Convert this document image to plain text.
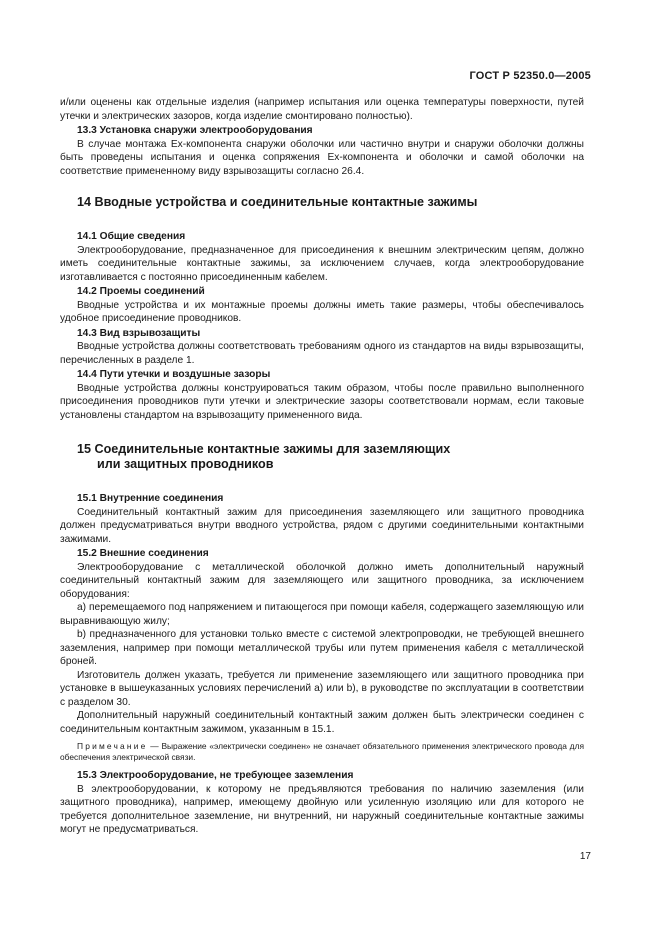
ГОСТ Р 52350.0—2005

и/или оценены как отдельные изделия (например испытания или оценка температуры поверхности, путей утечки и электрических зазоров, когда изделие смонтировано полностью).

13.3 Установка снаружи электрооборудования

В случае монтажа Ex-компонента снаружи оболочки или частично внутри и снаружи оболочки должны быть проведены испытания и оценка сопряжения Ex-компонента и оболочки и самой оболочки на соответствие примененному виду взрывозащиты согласно 26.4.

14 Вводные устройства и соединительные контактные зажимы

14.1 Общие сведения

Электрооборудование, предназначенное для присоединения к внешним электрическим цепям, должно иметь соединительные контактные зажимы, за исключением случаев, когда электрооборудование изготавливается с постоянно присоединенным кабелем.

14.2 Проемы соединений

Вводные устройства и их монтажные проемы должны иметь такие размеры, чтобы обеспечивалось удобное присоединение проводников.

14.3 Вид взрывозащиты

Вводные устройства должны соответствовать требованиям одного из стандартов на виды взрывозащиты, перечисленных в разделе 1.

14.4 Пути утечки и воздушные зазоры

Вводные устройства должны конструироваться таким образом, чтобы после правильно выполненного присоединения проводников пути утечки и электрические зазоры соответствовали нормам, если таковые установлены стандартом на взрывозащиту примененного вида.

15 Соединительные контактные зажимы для заземляющих
или защитных проводников

15.1 Внутренние соединения

Соединительный контактный зажим для присоединения заземляющего или защитного проводника должен предусматриваться внутри вводного устройства, рядом с другими соединительными контактными зажимами.

15.2 Внешние соединения

Электрооборудование с металлической оболочкой должно иметь дополнительный наружный соединительный контактный зажим для заземляющего или защитного проводника, за исключением оборудования:

a) перемещаемого под напряжением и питающегося при помощи кабеля, содержащего заземляющую или выравнивающую жилу;

b) предназначенного для установки только вместе с системой электропроводки, не требующей внешнего заземления, например при помощи металлической трубы или путем применения кабеля с металлической броней.

Изготовитель должен указать, требуется ли применение заземляющего или защитного проводника при установке в вышеуказанных условиях перечислений a) или b), в руководстве по эксплуатации в соответствии с разделом 30.

Дополнительный наружный соединительный контактный зажим должен быть электрически соединен с соединительным контактным зажимом, указанным в 15.1.

Примечание — Выражение «электрически соединен» не означает обязательного применения электрического провода для обеспечения электрической связи.

15.3 Электрооборудование, не требующее заземления

В электрооборудовании, к которому не предъявляются требования по наличию заземления (или защитного проводника), например, имеющему двойную или усиленную изоляцию или для которого не требуется дополнительное заземление, ни внутренний, ни наружный соединительные контактные зажимы могут не предусматриваться.

17
